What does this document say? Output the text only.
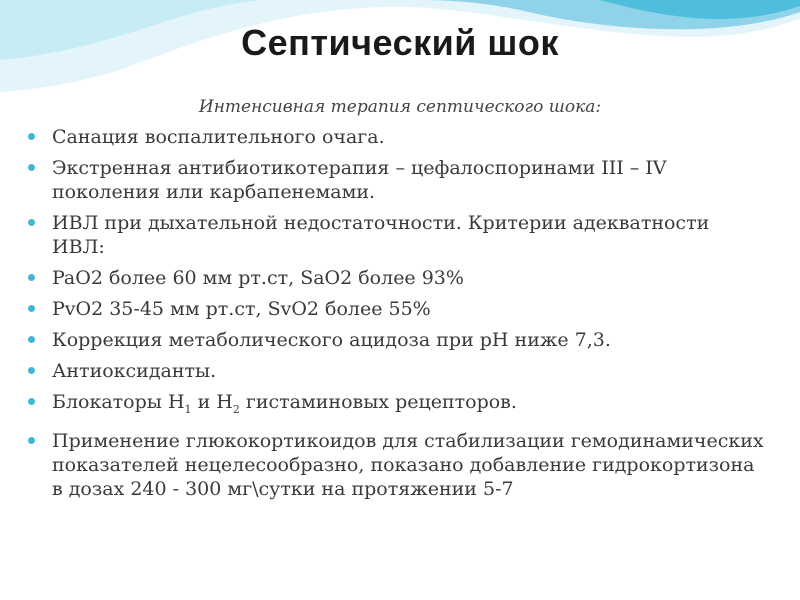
Септический шок
Интенсивная терапия септического шока:
Санация воспалительного очага.
Экстренная антибиотикотерапия – цефалоспоринами III – IV поколения или карбапенемами.
ИВЛ при дыхательной недостаточности. Критерии адекватности ИВЛ:
PaO2 более 60 мм рт.ст, SaO2 более 93%
PvO2 35-45 мм рт.ст, SvO2 более 55%
Коррекция метаболического ацидоза при pH ниже 7,3.
Антиоксиданты.
Блокаторы $Н_1$ и $Н_2$ гистаминовых рецепторов.
Применение глюкокортикоидов для стабилизации гемодинамических показателей нецелесообразно, показано добавление гидрокортизона в дозах 240 - 300 мг\сутки на протяжении 5-7
